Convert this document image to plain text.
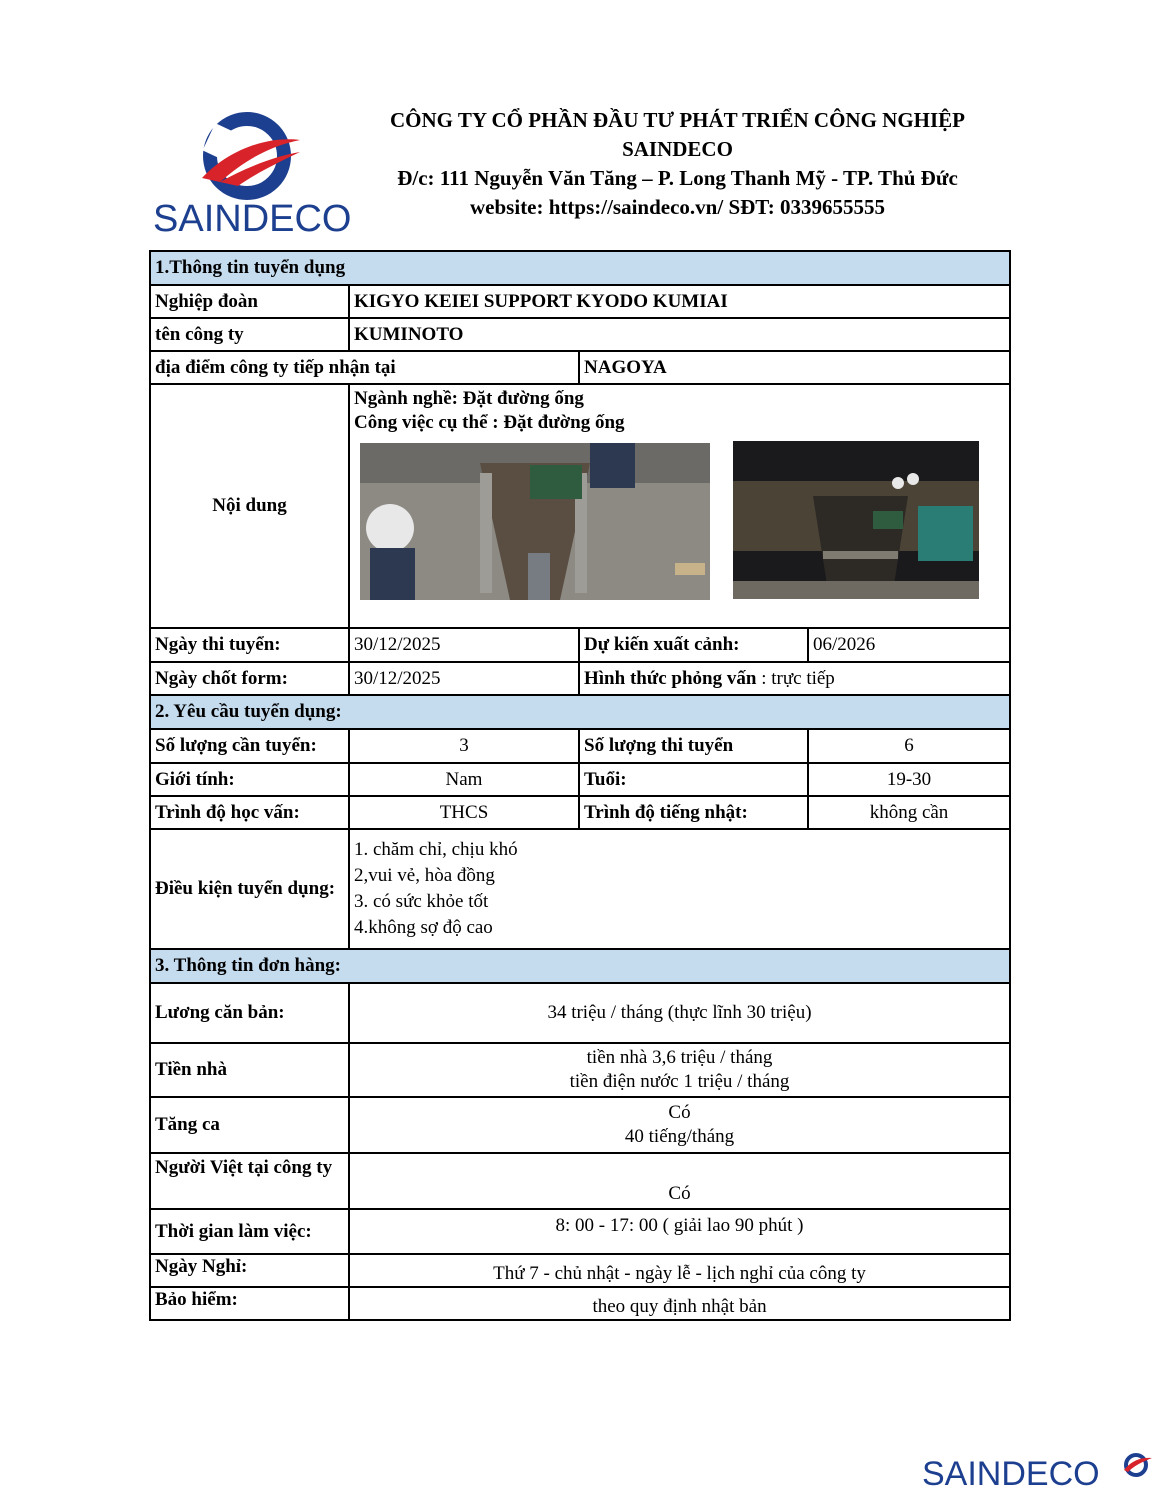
SAINDECO
CÔNG TY CỔ PHẦN ĐẦU TƯ PHÁT TRIỂN CÔNG NGHIỆP
SAINDECO
Đ/c: 111 Nguyễn Văn Tăng – P. Long Thanh Mỹ - TP. Thủ Đức
website: https://saindeco.vn/ SĐT: 0339655555
1.Thông tin tuyển dụng			
Nghiệp đoàn	KIGYO KEIEI SUPPORT KYODO KUMIAI		
tên công ty	KUMINOTO		
địa điểm công ty tiếp nhận tại		NAGOYA	
Nội dung	Ngành nghề: Đặt đường ống
Công việc cụ thể : Đặt đường ống		

Ngày thi tuyển:	30/12/2025	Dự kiến xuất cảnh:	06/2026
Ngày chốt form:	30/12/2025	Hình thức phỏng vấn : trực tiếp	
2. Yêu cầu tuyển dụng:			
Số lượng cần tuyển:	3	Số lượng thi tuyển	6
Giới tính:	Nam	Tuổi:	19-30
Trình độ học vấn:	THCS	Trình độ tiếng nhật:	không cần
Điều kiện tuyển dụng:	1. chăm chỉ, chịu khó
2,vui vẻ, hòa đồng
3. có sức khỏe tốt
4.không sợ độ cao		

3. Thông tin đơn hàng:			
Lương căn bản:	34 triệu / tháng (thực lĩnh 30 triệu)		
Tiền nhà	tiền nhà 3,6 triệu / tháng
tiền điện nước 1 triệu / tháng		

Tăng ca	Có
40 tiếng/tháng		

Người Việt tại công ty	Có		
Thời gian làm việc:	8: 00 - 17: 00 ( giải lao 90 phút )		
Ngày Nghỉ:	Thứ 7 - chủ nhật - ngày lễ - lịch nghỉ của công ty		
Bảo hiểm:	theo quy định nhật bản		
SAINDECO
